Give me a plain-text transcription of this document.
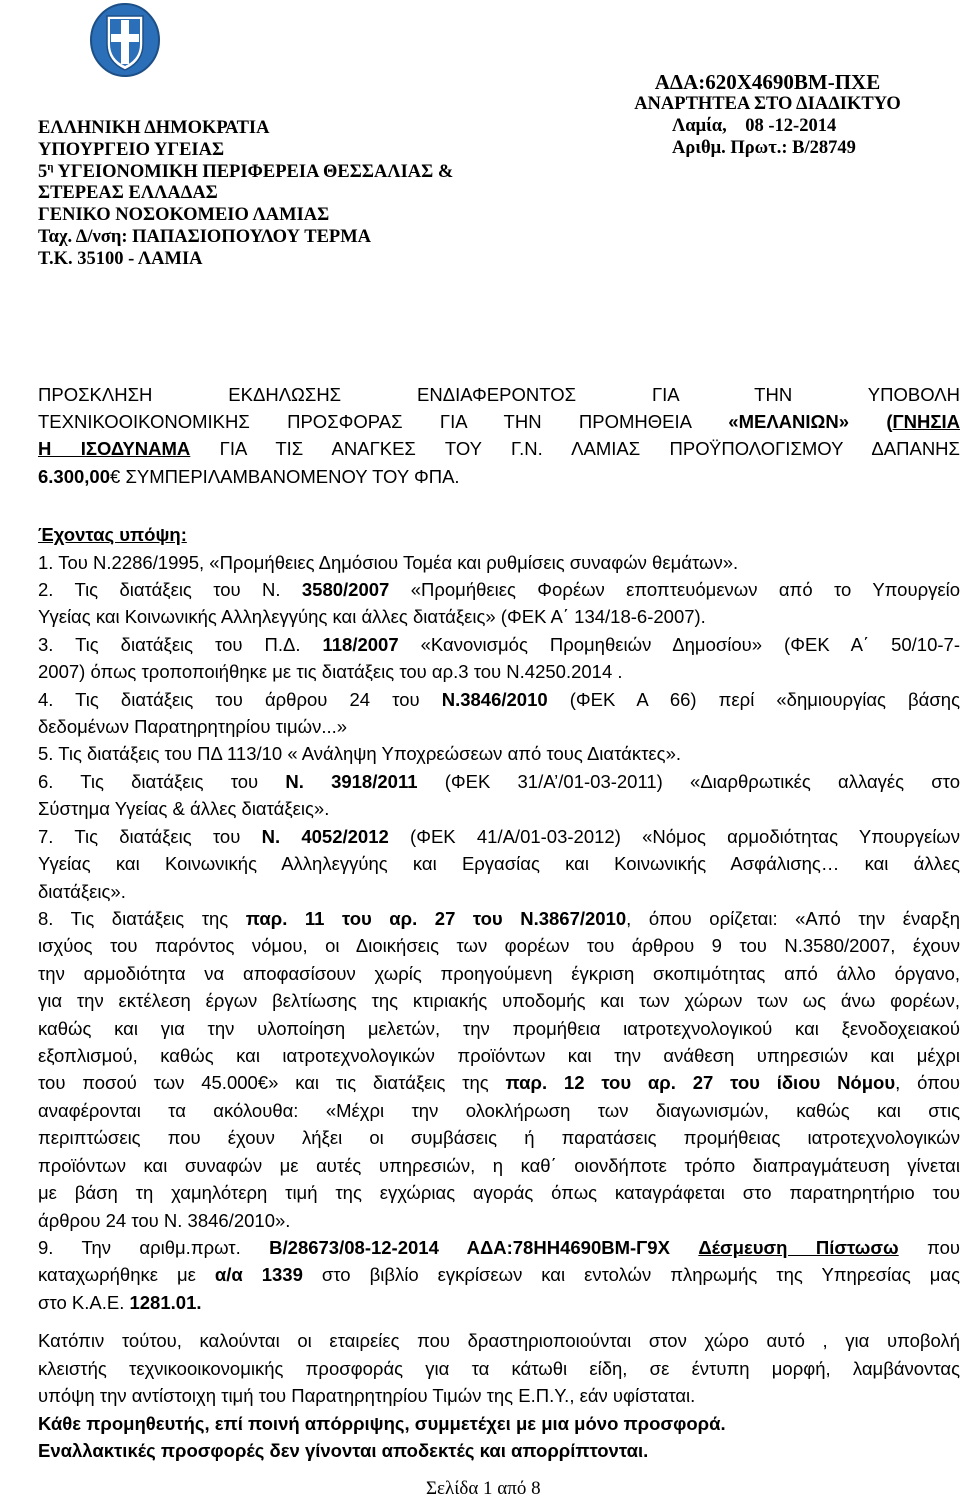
ΕΛΛΗΝΙΚΗ ΔΗΜΟΚΡΑΤΙΑ
ΥΠΟΥΡΓΕΙΟ ΥΓΕΙΑΣ
$5^\eta$ ΥΓΕΙΟΝΟΜΙΚΗ ΠΕΡΙΦΕΡΕΙΑ ΘΕΣΣΑΛΙΑΣ &
ΣΤΕΡΕΑΣ ΕΛΛΑΔΑΣ
ΓΕΝΙΚΟ ΝΟΣΟΚΟΜΕΙΟ ΛΑΜΙΑΣ
Ταχ. Δ/νση: ΠΑΠΑΣΙΟΠΟΥΛΟΥ ΤΕΡΜΑ
Τ.Κ. 35100 - ΛΑΜΙΑ
ΑΔΑ:620Χ4690ΒΜ-ΠΧΕ
ΑΝΑΡΤΗΤΕΑ ΣΤΟ ΔΙΑΔΙΚΤΥΟ
Λαμία, 08 -12-2014
Αριθμ. Πρωτ.: Β/28749
ΠΡΟΣΚΛΗΣΗ ΕΚΔΗΛΩΣΗΣ ΕΝΔΙΑΦΕΡΟΝΤΟΣ ΓΙΑ ΤΗΝ ΥΠΟΒΟΛΗ
ΤΕΧΝΙΚΟΟΙΚΟΝΟΜΙΚΗΣ ΠΡΟΣΦΟΡΑΣ ΓΙΑ ΤΗΝ ΠΡΟΜΗΘΕΙΑ «ΜΕΛΑΝΙΩΝ» (ΓΝΗΣΙΑ
Η ΙΣΟΔΥΝΑΜΑ ΓΙΑ ΤΙΣ ΑΝΑΓΚΕΣ ΤΟΥ Γ.Ν. ΛΑΜΙΑΣ ΠΡΟΫΠΟΛΟΓΙΣΜΟΥ ΔΑΠΑΝΗΣ
6.300,00€ ΣΥΜΠΕΡΙΛΑΜΒΑΝΟΜΕΝΟΥ ΤΟΥ ΦΠΑ.
Έχοντας υπόψη:
1. Του Ν.2286/1995, «Προμήθειες Δημόσιου Τομέα και ρυθμίσεις συναφών θεμάτων».
2. Τις διατάξεις του Ν. 3580/2007 «Προμήθειες Φορέων εποπτευόμενων από το Υπουργείο
Υγείας και Κοινωνικής Αλληλεγγύης και άλλες διατάξεις» (ΦΕΚ Α΄ 134/18-6-2007).
3. Τις διατάξεις του Π.Δ. 118/2007 «Κανονισμός Προμηθειών Δημοσίου» (ΦΕΚ Α΄ 50/10-7-
2007) όπως τροποποιήθηκε με τις διατάξεις του αρ.3 του Ν.4250.2014 .
4. Τις διατάξεις του άρθρου 24 του Ν.3846/2010 (ΦΕΚ Α 66) περί «δημιουργίας βάσης
δεδομένων Παρατηρητηρίου τιμών...»
5. Τις διατάξεις του ΠΔ 113/10 « Ανάληψη Υποχρεώσεων από τους Διατάκτες».
6. Τις διατάξεις του Ν. 3918/2011 (ΦΕΚ 31/Α’/01-03-2011) «Διαρθρωτικές αλλαγές στο
Σύστημα Υγείας & άλλες διατάξεις».
7. Τις διατάξεις του Ν. 4052/2012 (ΦΕΚ 41/Α/01-03-2012) «Νόμος αρμοδιότητας Υπουργείων
Υγείας και Κοινωνικής Αλληλεγγύης και Εργασίας και Κοινωνικής Ασφάλισης… και άλλες
διατάξεις».
8. Τις διατάξεις της παρ. 11 του αρ. 27 του Ν.3867/2010, όπου ορίζεται: «Από την έναρξη
ισχύος του παρόντος νόμου, οι Διοικήσεις των φορέων του άρθρου 9 του Ν.3580/2007, έχουν
την αρμοδιότητα να αποφασίσουν χωρίς προηγούμενη έγκριση σκοπιμότητας από άλλο όργανο,
για την εκτέλεση έργων βελτίωσης της κτιριακής υποδομής και των χώρων των ως άνω φορέων,
καθώς και για την υλοποίηση μελετών, την προμήθεια ιατροτεχνολογικού και ξενοδοχειακού
εξοπλισμού, καθώς και ιατροτεχνολογικών προϊόντων και την ανάθεση υπηρεσιών και μέχρι
του ποσού των 45.000€» και τις διατάξεις της παρ. 12 του αρ. 27 του ίδιου Νόμου, όπου
αναφέρονται τα ακόλουθα: «Μέχρι την ολοκλήρωση των διαγωνισμών, καθώς και στις
περιπτώσεις που έχουν λήξει οι συμβάσεις ή παρατάσεις προμήθειας ιατροτεχνολογικών
προϊόντων και συναφών με αυτές υπηρεσιών, η καθ΄ οιονδήποτε τρόπο διαπραγμάτευση γίνεται
με βάση τη χαμηλότερη τιμή της εγχώριας αγοράς όπως καταγράφεται στο παρατηρητήριο του
άρθρου 24 του Ν. 3846/2010».
9. Την αριθμ.πρωτ. Β/28673/08-12-2014 ΑΔΑ:78ΗΗ4690ΒΜ-Γ9Χ Δέσμευση Πίστωσω που
καταχωρήθηκε με α/α 1339 στο βιβλίο εγκρίσεων και εντολών πληρωμής της Υπηρεσίας μας
στο Κ.Α.Ε. 1281.01.
Κατόπιν τούτου, καλούνται οι εταιρείες που δραστηριοποιούνται στον χώρο αυτό , για υποβολή
κλειστής τεχνικοοικονομικής προσφοράς για τα κάτωθι είδη, σε έντυπη μορφή, λαμβάνοντας
υπόψη την αντίστοιχη τιμή του Παρατηρητηρίου Τιμών της Ε.Π.Υ., εάν υφίσταται.
Κάθε προμηθευτής, επί ποινή απόρριψης, συμμετέχει με μια μόνο προσφορά.
Εναλλακτικές προσφορές δεν γίνονται αποδεκτές και απορρίπτονται.
Σελίδα 1 από 8
